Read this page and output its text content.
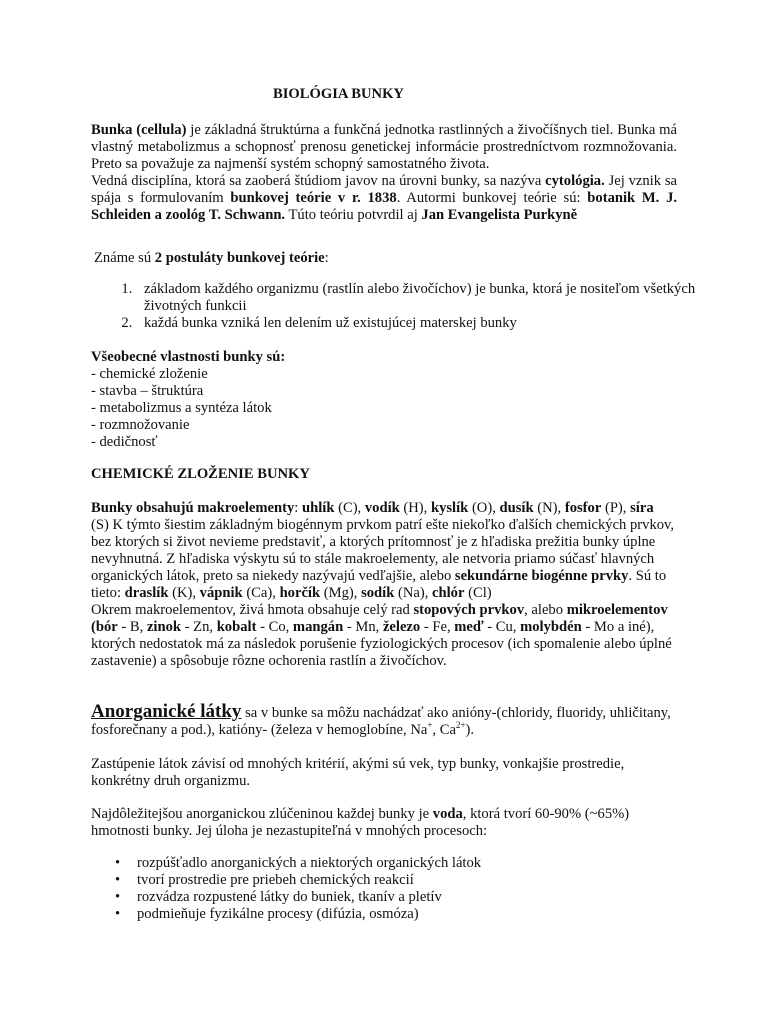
BIOLÓGIA BUNKY

Bunka (cellula) je základná štruktúrna a funkčná jednotka rastlinných a živočíšnych tiel. Bunka má vlastný metabolizmus a schopnosť prenosu genetickej informácie prostredníctvom rozmnožovania. Preto sa považuje za najmenší systém schopný samostatného života.
Vedná disciplína, ktorá sa zaoberá štúdiom javov na úrovni bunky, sa nazýva cytológia. Jej vznik sa spája s formulovaním bunkovej teórie v r. 1838. Autormi bunkovej teórie sú: botanik M. J. Schleiden a zoológ T. Schwann. Túto teóriu potvrdil aj Jan Evangelista Purkyně

Známe sú 2 postuláty bunkovej teórie:

1. základom každého organizmu (rastlín alebo živočíchov) je bunka, ktorá je nositeľom všetkých životných funkcii
2. každá bunka vzniká len delením už existujúcej materskej bunky

Všeobecné vlastnosti bunky sú:

- chemické zloženie

- stavba – štruktúra

- metabolizmus a syntéza látok

- rozmnožovanie

- dedičnosť

CHEMICKÉ ZLOŽENIE BUNKY

Bunky obsahujú makroelementy: uhlík (C), vodík (H), kyslík (O), dusík (N), fosfor (P), síra (S) K týmto šiestim základným biogénnym prvkom patrí ešte niekoľko ďalších chemických prvkov, bez ktorých si život nevieme predstaviť, a ktorých prítomnosť je z hľadiska prežitia bunky úplne nevyhnutná. Z hľadiska výskytu sú to stále makroelementy, ale netvoria priamo súčasť hlavných organických látok, preto sa niekedy nazývajú vedľajšie, alebo sekundárne biogénne prvky. Sú to tieto: draslík (K), vápnik (Ca), horčík (Mg), sodík (Na), chlór (Cl)
Okrem makroelementov, živá hmota obsahuje celý rad stopových prvkov, alebo mikroelementov (bór - B, zinok - Zn, kobalt - Co, mangán - Mn, železo - Fe, meď - Cu, molybdén - Mo a iné), ktorých nedostatok má za následok porušenie fyziologických procesov (ich spomalenie alebo úplné zastavenie) a spôsobuje rôzne ochorenia rastlín a živočíchov.

Anorganické látky sa v bunke sa môžu nachádzať ako anióny-(chloridy, fluoridy, uhličitany, fosforečnany a pod.), katióny- (železa v hemoglobíne, Na+, $Ca^{2+}$).

Zastúpenie látok závisí od mnohých kritérií, akými sú vek, typ bunky, vonkajšie prostredie, konkrétny druh organizmu.

Najdôležitejšou anorganickou zlúčeninou každej bunky je voda, ktorá tvorí 60-90% (~65%) hmotnosti bunky. Jej úloha je nezastupiteľná v mnohých procesoch:

• rozpúšťadlo anorganických a niektorých organických látok
• tvorí prostredie pre priebeh chemických reakcií
• rozvádza rozpustené látky do buniek, tkanív a pletív
• podmieňuje fyzikálne procesy (difúzia, osmóza)
